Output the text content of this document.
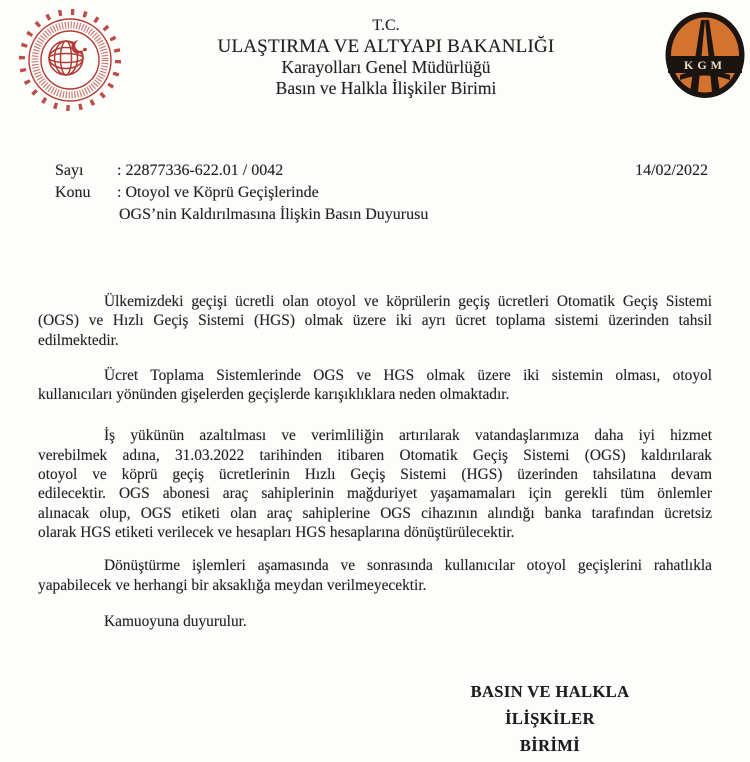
KGM
T.C.
ULAŞTIRMA VE ALTYAPI BAKANLIĞI
Karayolları Genel Müdürlüğü
Basın ve Halkla İlişkiler Birimi
Sayı	: 22877336-622.01 / 0042	14/02/2022
Konu	: Otoyol ve Köprü Geçişlerinde
OGS’nin Kaldırılmasına İlişkin Basın Duyurusu
Ülkemizdeki geçişi ücretli olan otoyol ve köprülerin geçiş ücretleri Otomatik Geçiş Sistemi
(OGS) ve Hızlı Geçiş Sistemi (HGS) olmak üzere iki ayrı ücret toplama sistemi üzerinden tahsil
edilmektedir.
Ücret Toplama Sistemlerinde OGS ve HGS olmak üzere iki sistemin olması, otoyol
kullanıcıları yönünden gişelerden geçişlerde karışıklıklara neden olmaktadır.
İş yükünün azaltılması ve verimliliğin artırılarak vatandaşlarımıza daha iyi hizmet
verebilmek adına, 31.03.2022 tarihinden itibaren Otomatik Geçiş Sistemi (OGS) kaldırılarak
otoyol ve köprü geçiş ücretlerinin Hızlı Geçiş Sistemi (HGS) üzerinden tahsilatına devam
edilecektir. OGS abonesi araç sahiplerinin mağduriyet yaşamamaları için gerekli tüm önlemler
alınacak olup, OGS etiketi olan araç sahiplerine OGS cihazının alındığı banka tarafından ücretsiz
olarak HGS etiketi verilecek ve hesapları HGS hesaplarına dönüştürülecektir.
Dönüştürme işlemleri aşamasında ve sonrasında kullanıcılar otoyol geçişlerini rahatlıkla
yapabilecek ve herhangi bir aksaklığa meydan verilmeyecektir.
Kamuoyuna duyurulur.
BASIN VE HALKLA İLİŞKİLER
BİRİMİ
